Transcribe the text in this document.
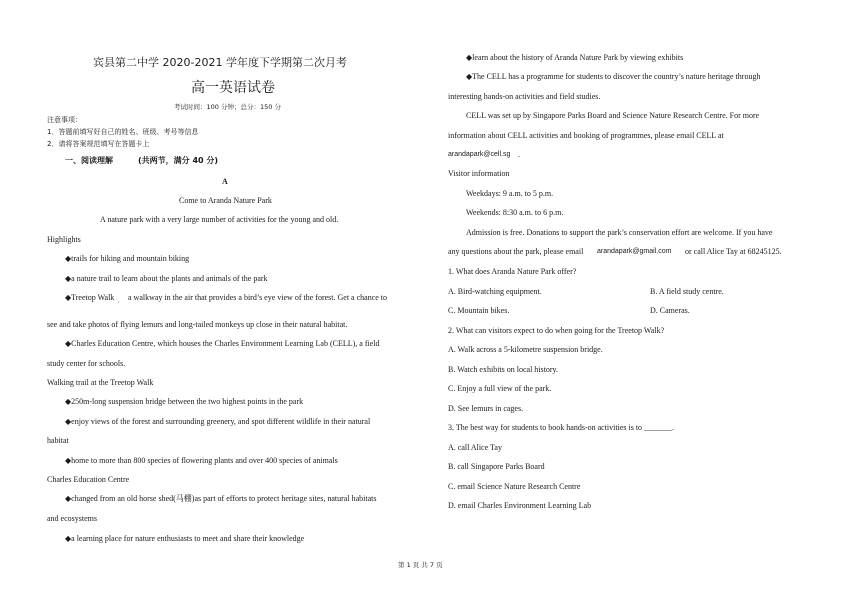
宾县第二中学 2020-2021 学年度下学期第二次月考
高一英语试卷
考试时间：100 分钟；总分：150 分
注意事项：
1．答题前填写好自己的姓名、班级、考号等信息
2．请将答案规范填写在答题卡上
一、阅读理解	(共两节，满分 40 分)
A
Come to Aranda Nature Park
A nature park with a very large number of activities for the young and old.
Highlights
◆trails for hiking and mountain biking
◆a nature trail to learn about the plants and animals of the park
◆Treetop Walk ， a walkway in the air that provides a bird’s eye view of the forest. Get a chance to
see and take photos of flying lemurs and long-tailed monkeys up close in their natural habitat.
◆Charles Education Centre, which houses the Charles Environment Learning Lab (CELL), a field
study center for schools.
Walking trail at the Treetop Walk
◆250m-long suspension bridge between the two highest points in the park
◆enjoy views of the forest and surrounding greenery, and spot different wildlife in their natural
habitat
◆home to more than 800 species of flowering plants and over 400 species of animals
Charles Education Centre
◆changed from an old horse shed(马棚)as part of efforts to protect heritage sites, natural habitats
and ecosystems
◆a learning place for nature enthusiasts to meet and share their knowledge
◆learn about the history of Aranda Nature Park by viewing exhibits
◆The CELL has a programme for students to discover the country’s nature heritage through
interesting hands-on activities and field studies.
CELL was set up by Singapore Parks Board and Science Nature Research Centre. For more
information about CELL activities and booking of programmes, please email CELL at
arandapark@cell.sg .
Visitor information
Weekdays: 9 a.m. to 5 p.m.
Weekends: 8:30 a.m. to 6 p.m.
Admission is free. Donations to support the park’s conservation effort are welcome. If you have
any questions about the park, please email arandapark@gmail.com or call Alice Tay at 68245125.
1. What does Aranda Nature Park offer?
A. Bird-watching equipment.	B. A field study centre.
C. Mountain bikes.	D. Cameras.
2. What can visitors expect to do when going for the Treetop Walk?
A. Walk across a 5-kilometre suspension bridge.
B. Watch exhibits on local history.
C. Enjoy a full view of the park.
D. See lemurs in cages.
3. The best way for students to book hands-on activities is to _______.
A. call Alice Tay
B. call Singapore Parks Board
C. email Science Nature Research Centre
D. email Charles Environment Learning Lab
第 1 页 共 7 页
